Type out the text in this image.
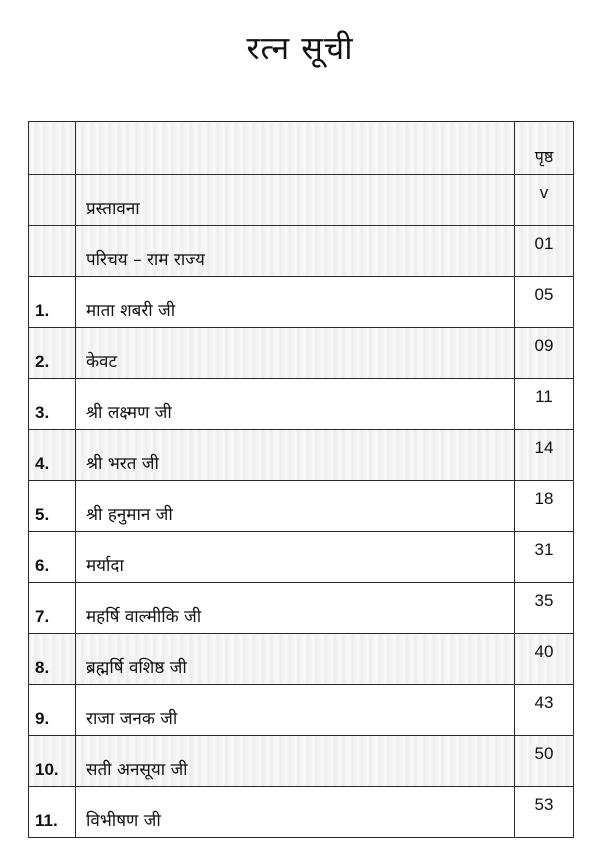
रत्न सूची
		पृष्ठ
	प्रस्तावना	v
	परिचय – राम राज्य	01
1.	माता शबरी जी	05
2.	केवट	09
3.	श्री लक्ष्मण जी	11
4.	श्री भरत जी	14
5.	श्री हनुमान जी	18
6.	मर्यादा	31
7.	महर्षि वाल्मीकि जी	35
8.	ब्रह्मर्षि वशिष्ठ जी	40
9.	राजा जनक जी	43
10.	सती अनसूया जी	50
11.	विभीषण जी	53
